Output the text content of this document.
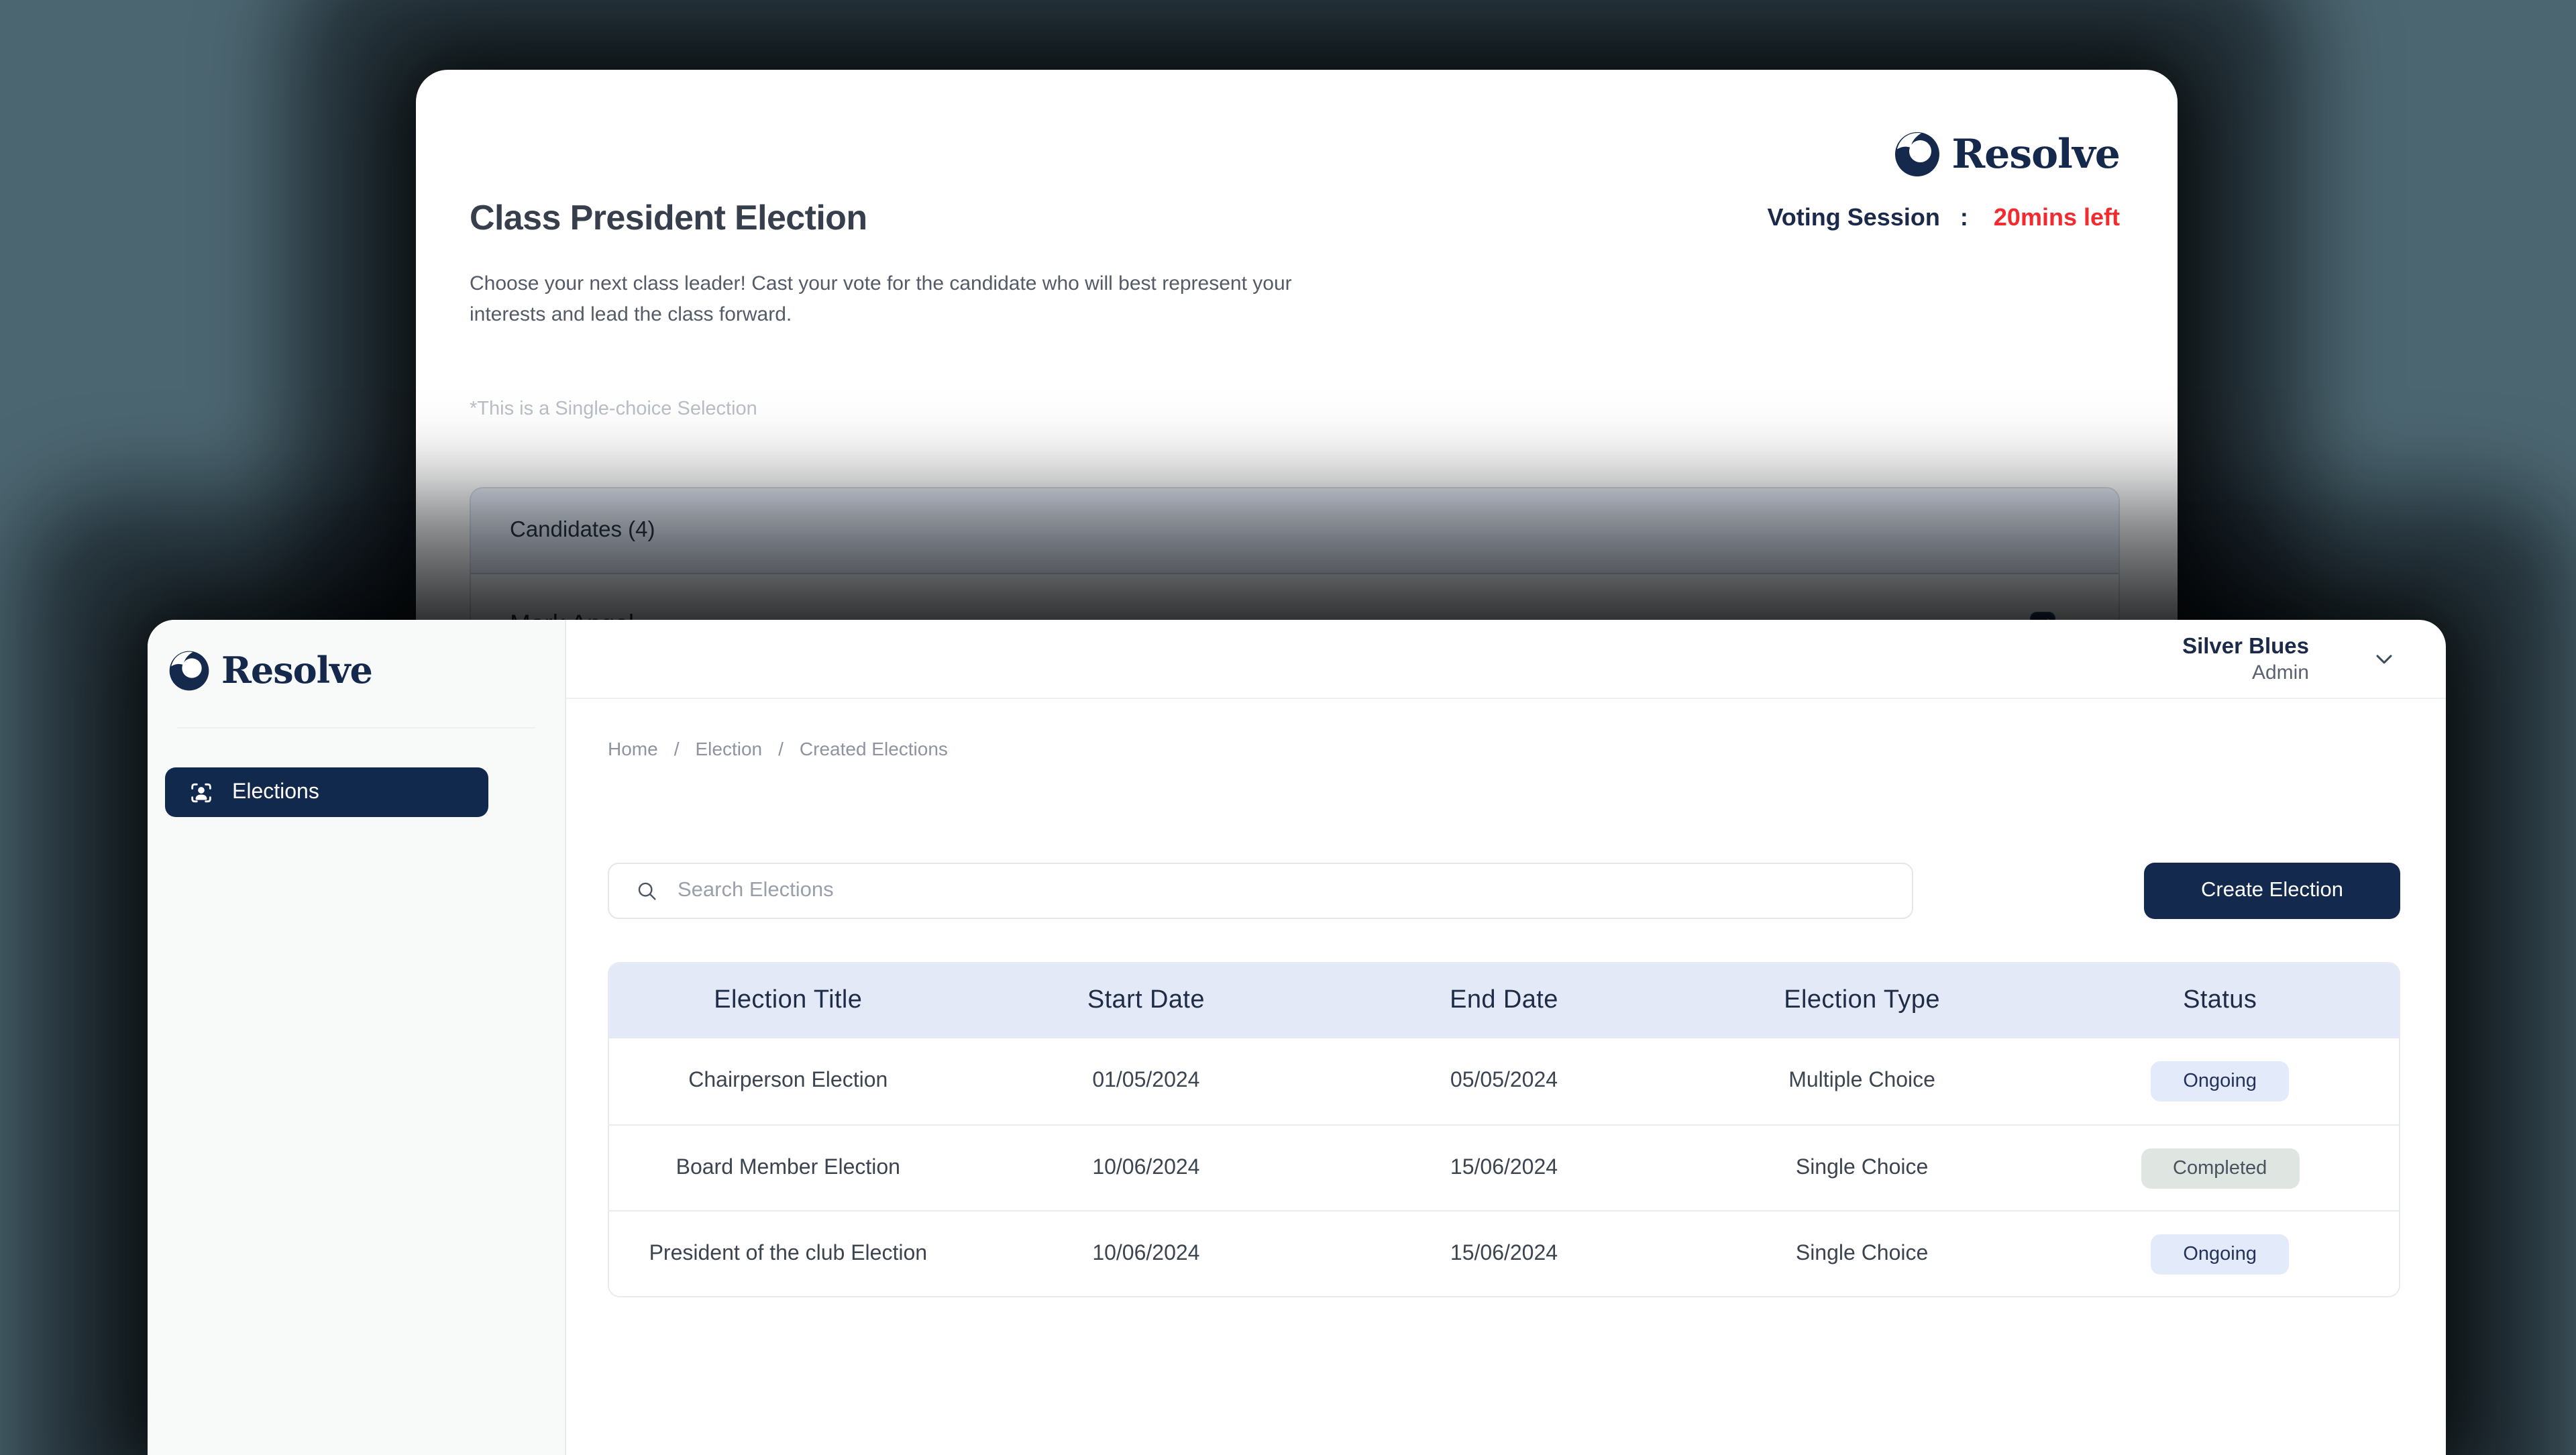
Resolve
Class President Election	Voting Session : 20mins left

Choose your next class leader! Cast your vote for the candidate who will best represent your interests and lead the class forward.

*This is a Single-choice Selection
Candidates (4)
Resolve
Elections
Silver Blues
Admin
Home / Election / Created Elections
Search Elections
Create Election
Election Title	Start Date	End Date	Election Type	Status
Chairperson Election	01/05/2024	05/05/2024	Multiple Choice	Ongoing
Board Member Election	10/06/2024	15/06/2024	Single Choice	Completed
President of the club Election	10/06/2024	15/06/2024	Single Choice	Ongoing
